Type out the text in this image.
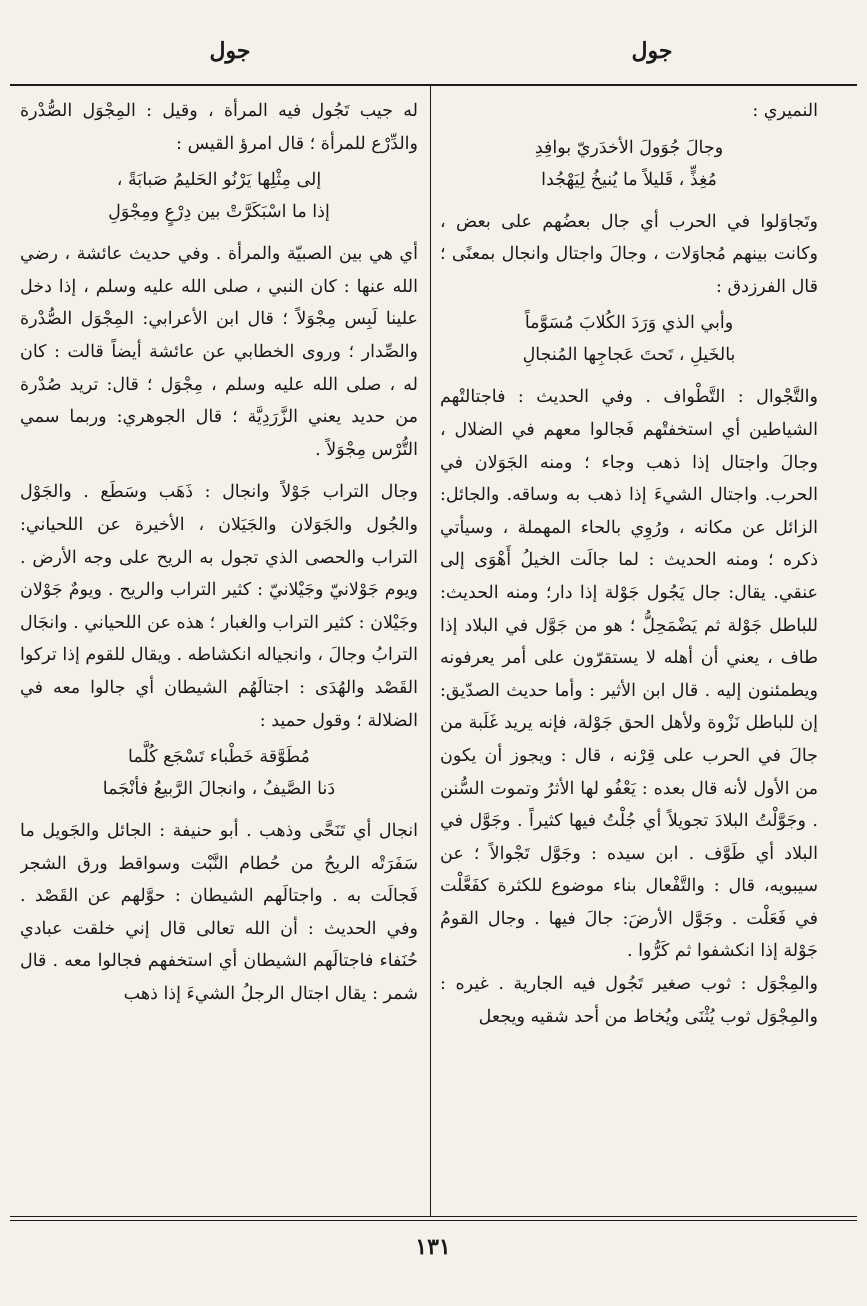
جول
جول

النميري :

وجالَ جُوَولَ الأخدَريّ بوافِدِ
مُغِذٍّ ، قَليلاً ما يُنيخُ لِيَهْجُدا

وتَجاوَلوا في الحرب أي جال بعضُهم على بعض ، وكانت بينهم مُجاوَلات ، وجالَ واجتال وانجال بمعنًى ؛ قال الفرزدق :

وأبي الذي وَرَدَ الكُلابَ مُسَوَّماً
بالخَيلِ ، تَحتَ عَجاجِها المُنجالِ

والتَّجْوال : التَّطْواف . وفي الحديث : فاجتالتْهم الشياطين أي استخفتْهم فَجالوا معهم في الضلال ، وجالَ واجتال إذا ذهب وجاء ؛ ومنه الجَوَلان في الحرب. واجتال الشيءَ إذا ذهب به وساقه. والجائل: الزائل عن مكانه ، ورُوِي بالحاء المهملة ، وسيأتي ذكره ؛ ومنه الحديث : لما جالَت الخيلُ أَهْوَى إلى عنقي. يقال: جال يَجُول جَوْلة إذا دار؛ ومنه الحديث: للباطل جَوْلة ثم يَضْمَحِلُّ ؛ هو من جَوَّل في البلاد إذا طاف ، يعني أن أهله لا يستقرّون على أمر يعرفونه ويطمئنون إليه . قال ابن الأثير : وأما حديث الصدّيق: إن للباطل نَزْوة ولأهل الحق جَوْلة، فإنه يريد غَلَبة من جالَ في الحرب على قِرْنه ، قال : ويجوز أن يكون من الأول لأنه قال بعده : يَعْفُو لها الأثرُ وتموت السُّنن . وجَوَّلْتُ البلادَ تجويلاً أي جُلْتُ فيها كثيراً . وجَوَّل في البلاد أي طَوَّف . ابن سيده : وجَوَّل تَجْوالاً ؛ عن سيبويه، قال : والتَّفْعال بناء موضوع للكثرة كفَعَّلْت في فَعَلْت . وجَوَّل الأرضَ: جالَ فيها . وجال القومُ جَوْلة إذا انكشفوا ثم كَرُّوا .

والمِجْوَل : ثوب صغير تَجُول فيه الجارية . غيره : والمِجْوَل ثوب يُثْنَى ويُخاط من أحد شقيه ويجعل

له جيب تَجُول فيه المرأة ، وقيل : المِجْوَل الصُّدْرة والدِّرْع للمرأة ؛ قال امرؤ القيس :

إلى مِثْلِها يَرْنُو الحَليمُ صَبابَةً ،
إذا ما اسْبَكَرَّتْ بين دِرْعٍ ومِجْوَلِ

أي هي بين الصبيّة والمرأة . وفي حديث عائشة ، رضي الله عنها : كان النبي ، صلى الله عليه وسلم ، إذا دخل علينا لَبِس مِجْوَلاً ؛ قال ابن الأعرابي: المِجْوَل الصُّدْرة والصِّدار ؛ وروى الخطابي عن عائشة أيضاً قالت : كان له ، صلى الله عليه وسلم ، مِجْوَل ؛ قال: تريد صُدْرة من حديد يعني الزَّرَدِيَّة ؛ قال الجوهري: وربما سمي التُّرْس مِجْوَلاً .

وجال التراب جَوْلاً وانجال : ذَهَب وسَطَع . والجَوْل والجُول والجَوَلان والجَيَلان ، الأخيرة عن اللحياني: التراب والحصى الذي تجول به الريح على وجه الأرض . ويوم جَوْلانيّ وجَيْلانيّ : كثير التراب والريح . ويومٌ جَوْلان وجَيْلان : كثير التراب والغبار ؛ هذه عن اللحياني . وانجَال الترابُ وجالَ ، وانجياله انكشاطه . ويقال للقوم إذا تركوا القَصْد والهُدَى : اجتالَهُم الشيطان أي جالوا معه في الضلالة ؛ وقول حميد :

مُطَوَّقة خَطْباء تَسْجَع كُلَّما
دَنا الصَّيفُ ، وانجالَ الرَّبيعُ فأنْجَما

انجال أي تَنَحَّى وذهب . أبو حنيفة : الجائل والجَويل ما سَفَرَتْه الريحُ من حُطام النَّبْت وسواقط ورق الشجر فَجالَت به . واجتالَهم الشيطان : حوَّلهم عن القَصْد . وفي الحديث : أن الله تعالى قال إني خلقت عبادي حُنَفاء فاجتالَهم الشيطان أي استخفهم فجالوا معه . قال شمر : يقال اجتال الرجلُ الشيءَ إذا ذهب

١٣١
